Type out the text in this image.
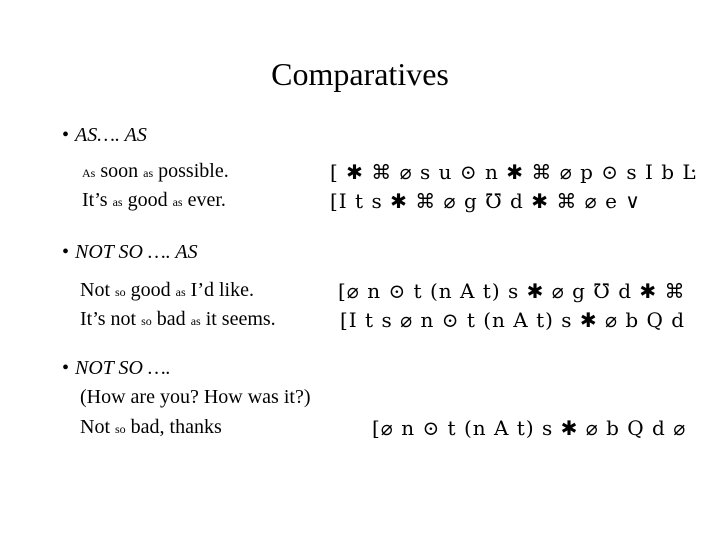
Comparatives
• AS…. AS
As soon as possible.	[ ✱ ⌘ ⌀ s u ⊙ n ✱ ⌘ ⌀ p ⊙ s I b Ŀ
It’s as good as ever.	[I t s ✱ ⌘ ⌀ g ℧ d ✱ ⌘ ⌀ e ∨
• NOT SO …. AS
Not so good as I’d like.	[⌀ n ⊙ t (n A t) s ✱ ⌀ g ℧ d ✱ ⌘
It’s not so bad as it seems.	[I t s ⌀ n ⊙ t (n A t) s ✱ ⌀ b Q d
• NOT SO ….
(How are you? How was it?)
Not so bad, thanks	[⌀ n ⊙ t (n A t) s ✱ ⌀ b Q d ⌀
